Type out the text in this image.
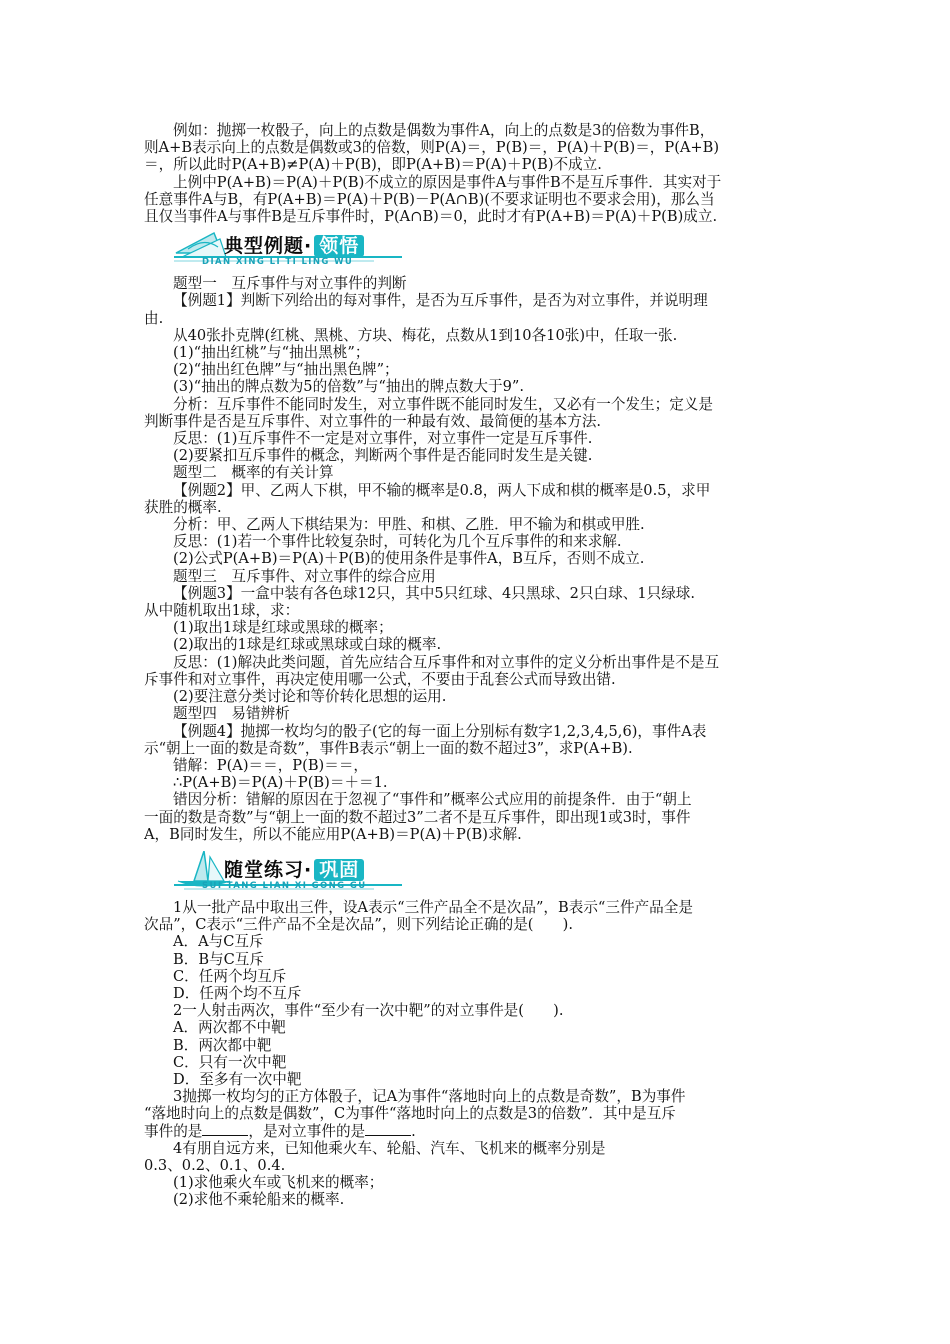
例如：抛掷一枚骰子，向上的点数是偶数为事件A，向上的点数是3的倍数为事件B，
则A+B表示向上的点数是偶数或3的倍数，则P(A)＝，P(B)＝，P(A)＋P(B)＝，P(A+B)
＝，所以此时P(A+B)≠P(A)＋P(B)，即P(A+B)＝P(A)＋P(B)不成立.
上例中P(A+B)＝P(A)＋P(B)不成立的原因是事件A与事件B不是互斥事件．其实对于
任意事件A与B，有P(A+B)＝P(A)＋P(B)－P(A∩B)(不要求证明也不要求会用)，那么当
且仅当事件A与事件B是互斥事件时，P(A∩B)＝0，此时才有P(A+B)＝P(A)＋P(B)成立.
典型例题· 领悟
DIAN XING LI TI LING WU
题型一　互斥事件与对立事件的判断
【例题1】判断下列给出的每对事件，是否为互斥事件，是否为对立事件，并说明理
由.
从40张扑克牌(红桃、黑桃、方块、梅花，点数从1到10各10张)中，任取一张.
(1)“抽出红桃”与“抽出黑桃”；
(2)“抽出红色牌”与“抽出黑色牌”；
(3)“抽出的牌点数为5的倍数”与“抽出的牌点数大于9”.
分析：互斥事件不能同时发生，对立事件既不能同时发生，又必有一个发生；定义是
判断事件是否是互斥事件、对立事件的一种最有效、最简便的基本方法.
反思：(1)互斥事件不一定是对立事件，对立事件一定是互斥事件.
(2)要紧扣互斥事件的概念，判断两个事件是否能同时发生是关键.
题型二　概率的有关计算
【例题2】甲、乙两人下棋，甲不输的概率是0.8，两人下成和棋的概率是0.5，求甲
获胜的概率.
分析：甲、乙两人下棋结果为：甲胜、和棋、乙胜．甲不输为和棋或甲胜.
反思：(1)若一个事件比较复杂时，可转化为几个互斥事件的和来求解.
(2)公式P(A+B)＝P(A)＋P(B)的使用条件是事件A，B互斥，否则不成立.
题型三　互斥事件、对立事件的综合应用
【例题3】一盒中装有各色球12只，其中5只红球、4只黑球、2只白球、1只绿球.
从中随机取出1球，求：
(1)取出1球是红球或黑球的概率；
(2)取出的1球是红球或黑球或白球的概率.
反思：(1)解决此类问题，首先应结合互斥事件和对立事件的定义分析出事件是不是互
斥事件和对立事件，再决定使用哪一公式，不要由于乱套公式而导致出错.
(2)要注意分类讨论和等价转化思想的运用.
题型四　易错辨析
【例题4】抛掷一枚均匀的骰子(它的每一面上分别标有数字1,2,3,4,5,6)，事件A表
示“朝上一面的数是奇数”，事件B表示“朝上一面的数不超过3”，求P(A+B).
错解：P(A)＝＝，P(B)＝＝，
∴P(A+B)＝P(A)＋P(B)＝＋＝1.
错因分析：错解的原因在于忽视了“事件和”概率公式应用的前提条件．由于“朝上
一面的数是奇数”与“朝上一面的数不超过3”二者不是互斥事件，即出现1或3时，事件
A，B同时发生，所以不能应用P(A+B)＝P(A)＋P(B)求解.
随堂练习· 巩固
SUI TANG LIAN XI GONG GU
1从一批产品中取出三件，设A表示“三件产品全不是次品”，B表示“三件产品全是
次品”，C表示“三件产品不全是次品”，则下列结论正确的是(　　).
A．A与C互斥
B．B与C互斥
C．任两个均互斥
D．任两个均不互斥
2一人射击两次，事件“至少有一次中靶”的对立事件是(　　).
A．两次都不中靶
B．两次都中靶
C．只有一次中靶
D．至多有一次中靶
3抛掷一枚均匀的正方体骰子，记A为事件“落地时向上的点数是奇数”，B为事件
“落地时向上的点数是偶数”，C为事件“落地时向上的点数是3的倍数”．其中是互斥
事件的是	，是对立事件的是	.
4有朋自远方来，已知他乘火车、轮船、汽车、飞机来的概率分别是
0.3、0.2、0.1、0.4.
(1)求他乘火车或飞机来的概率；
(2)求他不乘轮船来的概率.
